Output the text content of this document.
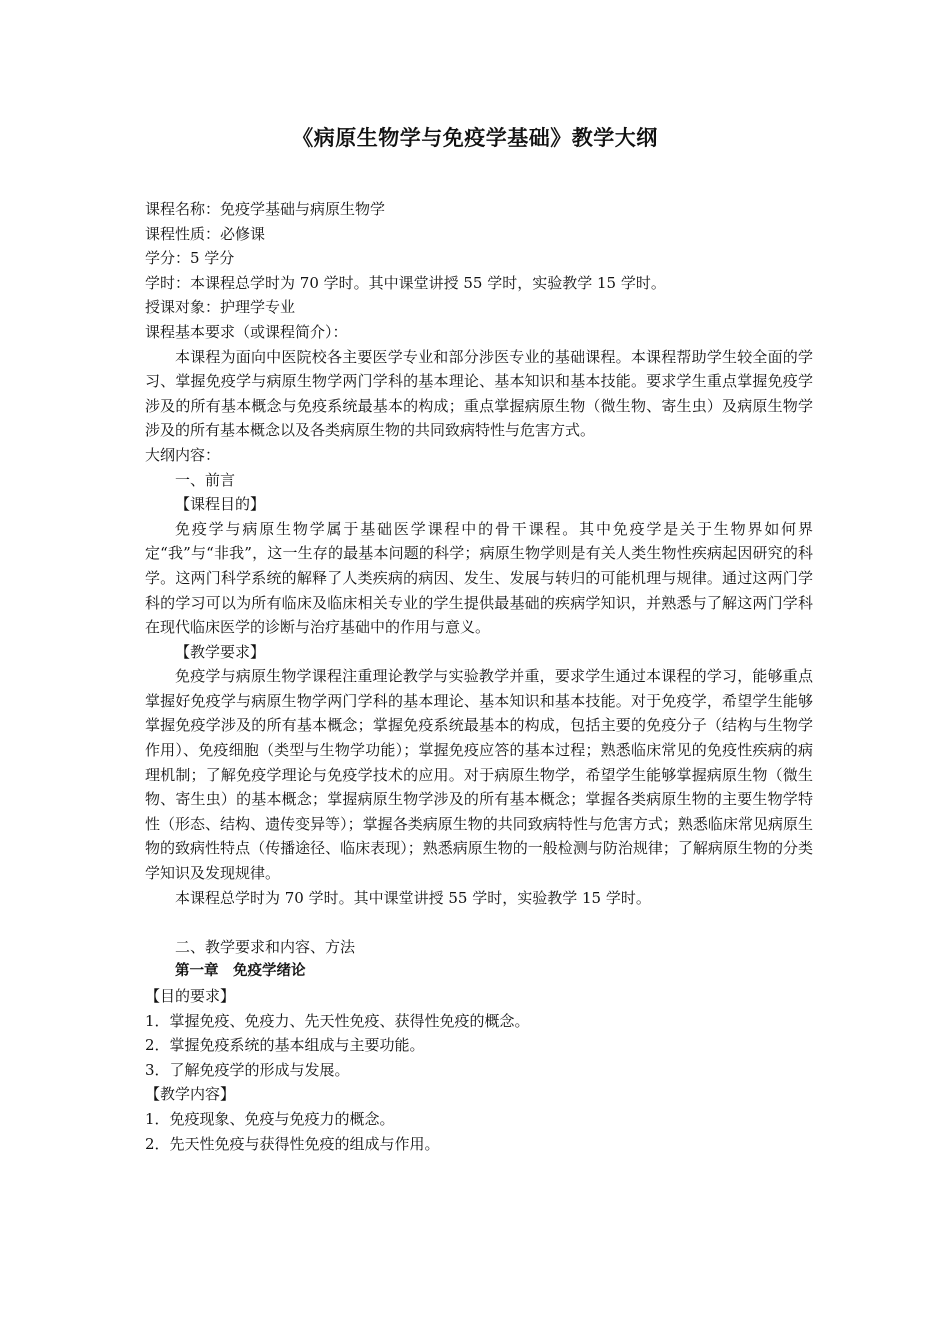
《病原生物学与免疫学基础》教学大纲

课程名称：免疫学基础与病原生物学

课程性质：必修课

学分：5 学分

学时：本课程总学时为 70 学时。其中课堂讲授 55 学时，实验教学 15 学时。

授课对象：护理学专业

课程基本要求（或课程简介）：

本课程为面向中医院校各主要医学专业和部分涉医专业的基础课程。本课程帮助学生较全面的学习、掌握免疫学与病原生物学两门学科的基本理论、基本知识和基本技能。要求学生重点掌握免疫学涉及的所有基本概念与免疫系统最基本的构成；重点掌握病原生物（微生物、寄生虫）及病原生物学涉及的所有基本概念以及各类病原生物的共同致病特性与危害方式。

大纲内容：

一、前言

【课程目的】

免疫学与病原生物学属于基础医学课程中的骨干课程。其中免疫学是关于生物界如何界定“我”与“非我”，这一生存的最基本问题的科学；病原生物学则是有关人类生物性疾病起因研究的科学。这两门科学系统的解释了人类疾病的病因、发生、发展与转归的可能机理与规律。通过这两门学科的学习可以为所有临床及临床相关专业的学生提供最基础的疾病学知识，并熟悉与了解这两门学科在现代临床医学的诊断与治疗基础中的作用与意义。

【教学要求】

免疫学与病原生物学课程注重理论教学与实验教学并重，要求学生通过本课程的学习，能够重点掌握好免疫学与病原生物学两门学科的基本理论、基本知识和基本技能。对于免疫学，希望学生能够掌握免疫学涉及的所有基本概念；掌握免疫系统最基本的构成，包括主要的免疫分子（结构与生物学作用）、免疫细胞（类型与生物学功能）；掌握免疫应答的基本过程；熟悉临床常见的免疫性疾病的病理机制；了解免疫学理论与免疫学技术的应用。对于病原生物学，希望学生能够掌握病原生物（微生物、寄生虫）的基本概念；掌握病原生物学涉及的所有基本概念；掌握各类病原生物的主要生物学特性（形态、结构、遗传变异等）；掌握各类病原生物的共同致病特性与危害方式；熟悉临床常见病原生物的致病性特点（传播途径、临床表现）；熟悉病原生物的一般检测与防治规律；了解病原生物的分类学知识及发现规律。

本课程总学时为 70 学时。其中课堂讲授 55 学时，实验教学 15 学时。

二、教学要求和内容、方法

第一章　免疫学绪论

【目的要求】

1．掌握免疫、免疫力、先天性免疫、获得性免疫的概念。

2．掌握免疫系统的基本组成与主要功能。

3．了解免疫学的形成与发展。

【教学内容】

1．免疫现象、免疫与免疫力的概念。

2．先天性免疫与获得性免疫的组成与作用。
